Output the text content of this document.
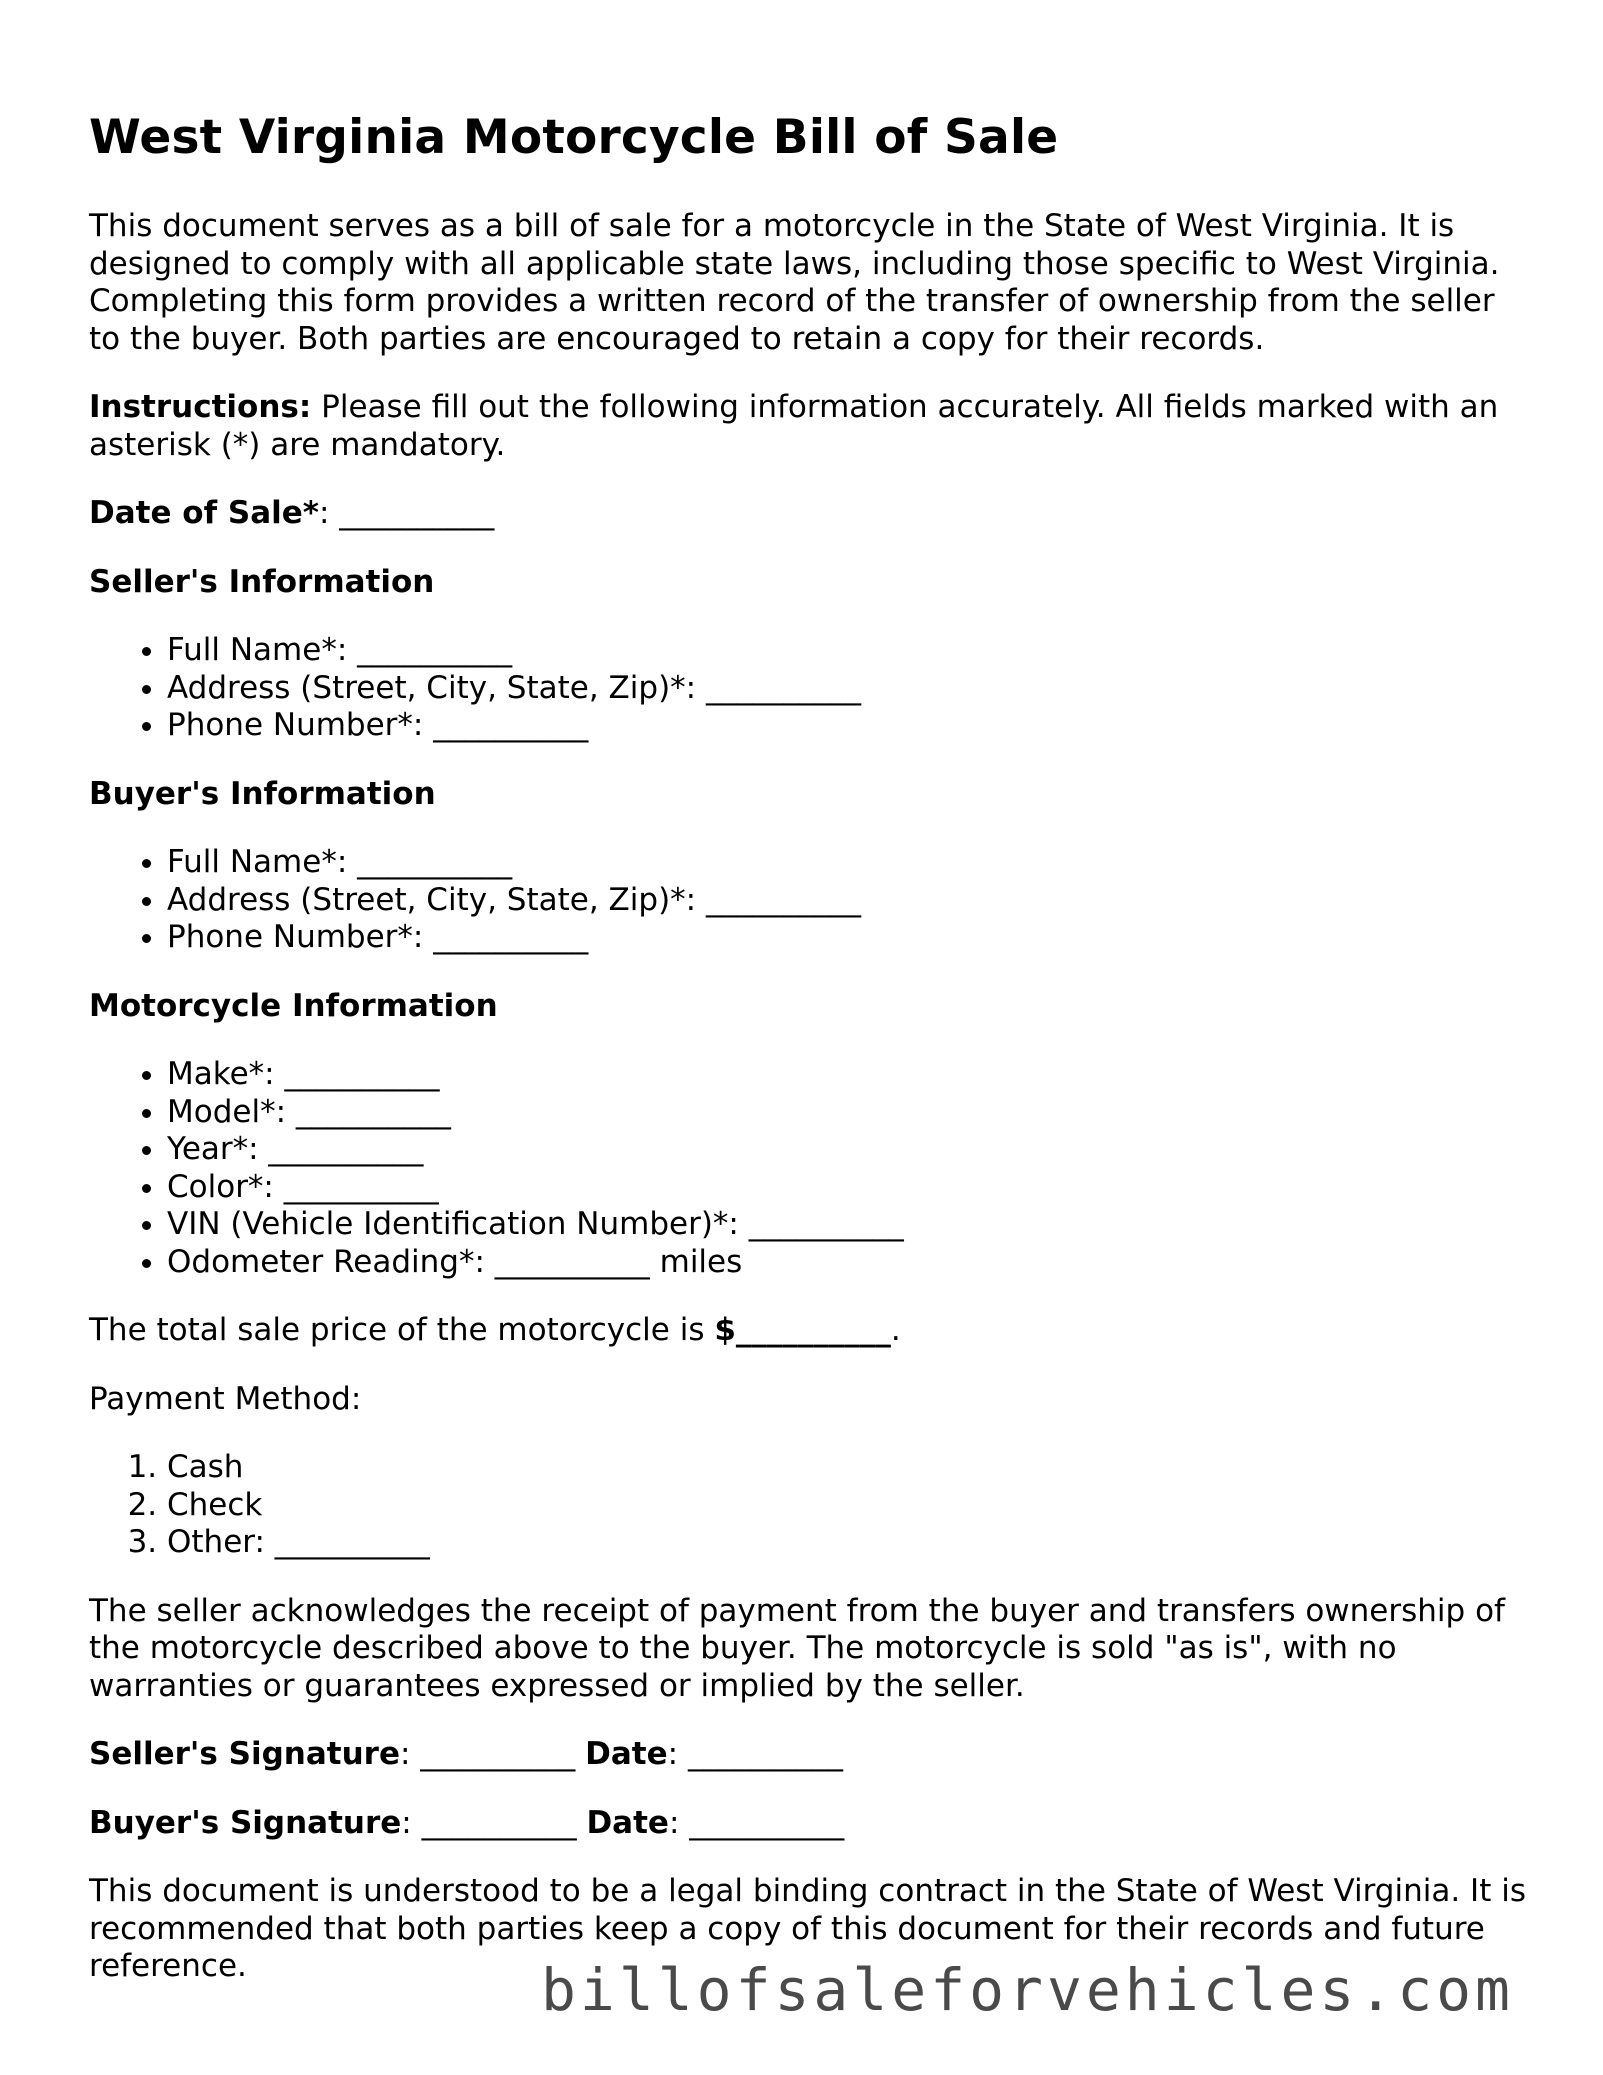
West Virginia Motorcycle Bill of Sale

This document serves as a bill of sale for a motorcycle in the State of West Virginia. It is designed to comply with all applicable state laws, including those specific to West Virginia. Completing this form provides a written record of the transfer of ownership from the seller to the buyer. Both parties are encouraged to retain a copy for their records.

Instructions: Please fill out the following information accurately. All fields marked with an asterisk (*) are mandatory.

Date of Sale*: __________

Seller's Information
• Full Name*: __________
• Address (Street, City, State, Zip)*: __________
• Phone Number*: __________
Buyer's Information
• Full Name*: __________
• Address (Street, City, State, Zip)*: __________
• Phone Number*: __________
Motorcycle Information
• Make*: __________
• Model*: __________
• Year*: __________
• Color*: __________
• VIN (Vehicle Identification Number)*: __________
• Odometer Reading*: __________ miles

The total sale price of the motorcycle is $__________.

Payment Method:

1. Cash
2. Check
3. Other: __________

The seller acknowledges the receipt of payment from the buyer and transfers ownership of the motorcycle described above to the buyer. The motorcycle is sold "as is", with no warranties or guarantees expressed or implied by the seller.

Seller's Signature: __________ Date: __________

Buyer's Signature: __________ Date: __________

This document is understood to be a legal binding contract in the State of West Virginia. It is recommended that both parties keep a copy of this document for their records and future reference.	billofsaleforvehicles.com
